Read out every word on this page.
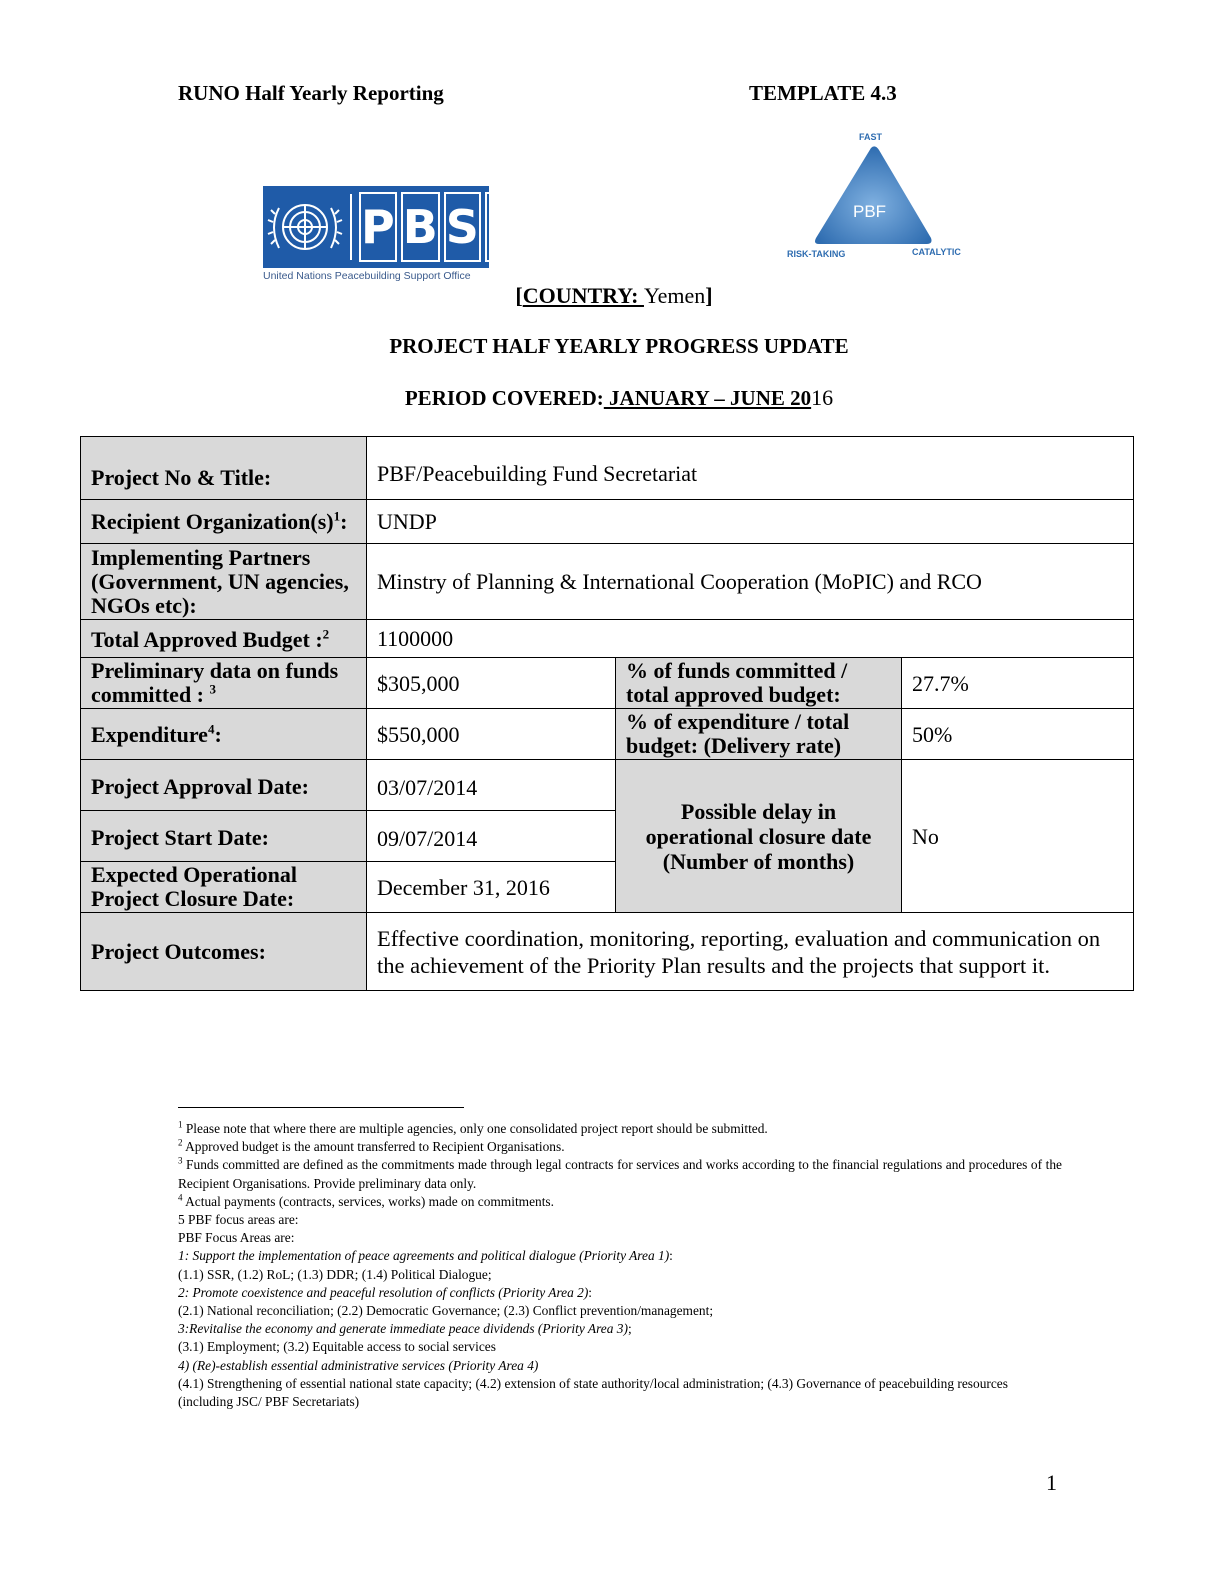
RUNO Half Yearly Reporting	TEMPLATE 4.3
P B S O
United Nations Peacebuilding Support Office
FAST
PBF
RISK-TAKING	CATALYTIC
[COUNTRY: Yemen]
PROJECT HALF YEARLY PROGRESS UPDATE
PERIOD COVERED: JANUARY – JUNE 2016
Project No & Title:	PBF/Peacebuilding Fund Secretariat		
Recipient $Organization(s)^1$:	UNDP		
Implementing Partners (Government, UN agencies, NGOs etc):	Minstry of Planning & International Cooperation (MoPIC) and RCO		
Total Approved Budget :$^2$	1100000		
Preliminary data on funds committed : $^3$	$305,000	% of funds committed / total approved budget:	27.7%
Expenditure$^4$:	$550,000	% of expenditure / total budget: (Delivery rate)	50%
Project Approval Date:	03/07/2014	Possible delay in operational closure date (Number of months)	No
Project Start Date:	09/07/2014		
Expected Operational Project Closure Date:	December 31, 2016		
Project Outcomes:	Effective coordination, monitoring, reporting, evaluation and communication on the achievement of the Priority Plan results and the projects that support it.		
$^1$ Please note that where there are multiple agencies, only one consolidated project report should be submitted.
$^2$ Approved budget is the amount transferred to Recipient Organisations.
$^3$ Funds committed are defined as the commitments made through legal contracts for services and works according to the financial regulations and procedures of the Recipient Organisations. Provide preliminary data only.
$^4$ Actual payments (contracts, services, works) made on commitments.
5 PBF focus areas are:
PBF Focus Areas are:
1: Support the implementation of peace agreements and political dialogue (Priority Area 1):
(1.1) SSR, (1.2) RoL; (1.3) DDR; (1.4) Political Dialogue;
2: Promote coexistence and peaceful resolution of conflicts (Priority Area 2):
(2.1) National reconciliation; (2.2) Democratic Governance; (2.3) Conflict prevention/management;
3:Revitalise the economy and generate immediate peace dividends (Priority Area 3);
(3.1) Employment; (3.2) Equitable access to social services
4) (Re)-establish essential administrative services (Priority Area 4)
(4.1) Strengthening of essential national state capacity; (4.2) extension of state authority/local administration; (4.3) Governance of peacebuilding resources (including JSC/ PBF Secretariats)
1
